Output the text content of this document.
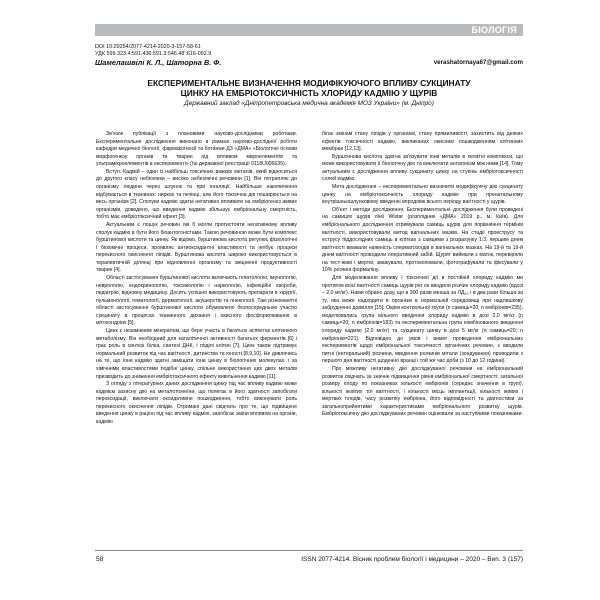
БІОЛОГІЯ
DOI 10.29254/2077-4214-2020-3-157-58-61
УДК 599.323.4:591.436:591.3:546.48':616-092.9
Шамелашвілі К. Л., Шаторна В. Ф.	verashatornaya67@gmail.com
ЕКСПЕРИМЕНТАЛЬНЕ ВИЗНАЧЕННЯ МОДИФІКУЮЧОГО ВПЛИВУ СУКЦИНАТУ
ЦИНКУ НА ЕМБРІОТОКСИЧНІСТЬ ХЛОРИДУ КАДМІЮ У ЩУРІВ
Державний заклад «Дніпропетровська медична академія МОЗ України» (м. Дніпро)

Зв'язок публікації з плановими науково-дослідними роботами. Експериментальне дослідження виконано в рамках науково-дослідної роботи кафедри медичної біології, фармакогнозії та ботаніки ДЗ «ДМА» «Біологічні основи морфогенезу органів та тварин під впливом мікроелементів та ультрамікроелементів в експерименті» (№ державної реєстрації 0118U006635).

Вступ. Кадмій – один із найбільш токсичних важких металів, який відноситься до другого класу небезпеки – високо небезпечні речовини [1]. Він потрапляє до організму людини через шлунок та при інгаляції. Найбільше накопичення відбувається в тканинах: нирках та печінці, але його токсична дія поширюється на весь організм [2]. Сполуки кадмію здатні негативно впливати на ембріогенез живих організмів, доведено, що введення кадмію збільшує ембріональну смертність, тобто має ембріотоксичний ефект [3].

Актуальним є пошук речовин які б могли протистояти негативному впливу сполук кадмію в бути його біоантогоністами. Такою речовиною може бути комплекс бурштинової кислоти та цинку. Як відомо, бурштинова кислота регулює фізіологічні і біохімічні процеси, проявляє антиоксидантні властивості та інгібує процеси перекисного окиснення ліпідів. Бурштинова кислота широко використовується в терапевтичній ділянці при відновленні організму та зміцненні продуктивності тварин [4].

Області застосування бурштинової кислоти включають гепатологію, імунологію, неврологію, ендокринологію, токсикологію і наркологію, інфекційні хвороби, педіатрію, відновну медицину. Досить успішно використовують препарати в хірургії, пульмонології, гематології, дерматології, акушерстві та гінекології. Такі різноманітні області застосування бурштинової кислоти обумовлено безпосередньою участю сукцинату в процесах тканинного дихання і окисного фосфорилювання в мітохондріях [5].

Цинк є незамінним мінералом, що бере участь в багатьох аспектах клітинного метаболізму. Він необхідний для каталітичної активності багатьох ферментів [6] і грає роль в синтезі білка, синтезі ДНК, і поділі клітин [7]. Цинк також підтримує нормальний розвиток під час вагітності, дитинства та юності [8,9,10]. Не дивлячись на те, що іони кадмію здатні заміщати іони цинку в біологічних молекулах, і за хімічними властивостями подібні цинку, спільне використання цих двох металів призводить до зниження ембріотоксичного ефекту вивільнення кадмію [11].

З огляду з літературних даних дослідження цинку під час впливу кадмію може кадмієм захисну дію на металотіонеїни, що полегає в його здатності запобігати пероксидації, виключати оксидативне пошкодження, тобто виконувати роль перекисного окиснення ліпідів. Отримані дані свідчать про те, що підвищене введення цинку в раціон під час впливу кадмію, запобігає зміни впливом на органи, кадмію

бігає змінам стану ліпідів у організмі, стану прямиливості, захистить від деяких ефектів токсичності кадмію, викликаних окисним пошкодженням клітинних мембран [12,13].

Бурштинова кислота здатна зв'язувати іони металів в хелатні комплекси, що може використовувати її біологічну дію та виключати антагонізм між ними [14]. Тому актуальним є дослідження впливу сукцинату цинку на ступінь ембріотоксичності солей кадмію.

Мета дослідження – експериментально визначити модифікуючу дію сукцинату цинку на ембріотоксичність хлориду кадмію при пренатальному внутрішньошлунковому введенні впродовж всього періоду вагітності у щурів.

Об'єкт і методи дослідження. Експериментальні дослідження були проведені на самицях щурів лінії Wistar (розплідник «ДМА» 2019 р., м. Київ). Для ембріонального дослідження отримували самиць щурів для порівняння термінів вагітності, використовували метод вагінальних мазків. На стадії проеструсу та еструсу піддослідних самиць в клітках з самцями з розрахунку 1:3, першим днем вагітності вважали наявність сперматозоїдів в вагінальних мазках. На 19-й та 19-й днем вагітності проводили оперативний забій. Щурят виймали з маток, перевіряли на тест-живі і мертві, зважували, протоколювали, фотографували та фіксували у 10% розчині формаліну.

Для моделювання впливу і токсичної дії в постійній хлориду кадмію ми протягом всієї вагітності самиць щурів per os вводили розчин хлориду кадмію (вдозі – 2,0 мг/кг). Нами обрано дозу, що в 300 разів менша за ЛД₅₀ і в два рази більша за ту, яка може надходити в організм в нормальній середовищі при надлишкову забрудненні довкілля [15]. Окрім контрольної групи (n самиць=20; n ембріонів=235), моделювались група вільного введення хлориду кадмію в дозі 2,0 мг/кг (n самиць=20; n ембріонів=183) та експериментальна група комбінованого введення хлориду кадмію (2,0 мг/кг) та сукцинату цинку в дозі 5 мг/кг (n самиць=20; n ембріонів=221). Відповідно до умов і вимог проведення ембріональних експериментів щодо ембріональної токсичності органічних речовин, з вводили питні (ентеральний) розчини, введення розчинів мітали (зондування) проводили з першого дня вагітності щоденно вранці і той же час доби (з 10 до 12 години).

Про можливу негативну дію досліджуваної речовини на ембріональний розвиток свідчать за значне підвищення рівня ембріональної смертності; загальної розміру плоду по показниках кількості ембріонів (середнє значення в групі), кількості жовтих тіл вагітності, і кількості місць імплантації, кількості живих і мертвих плодів, часу розвитку ембріона, його відповідності та діагностики за загальноприйнятими характеристиками ембріонального розвитку щурів. Ембріотоксичну дію досліджуваних речовин оцінювали за наступними показниками:

58	ISSN 2077-4214. Вісник проблем біології і медицини – 2020 – Вип. 3 (157)
